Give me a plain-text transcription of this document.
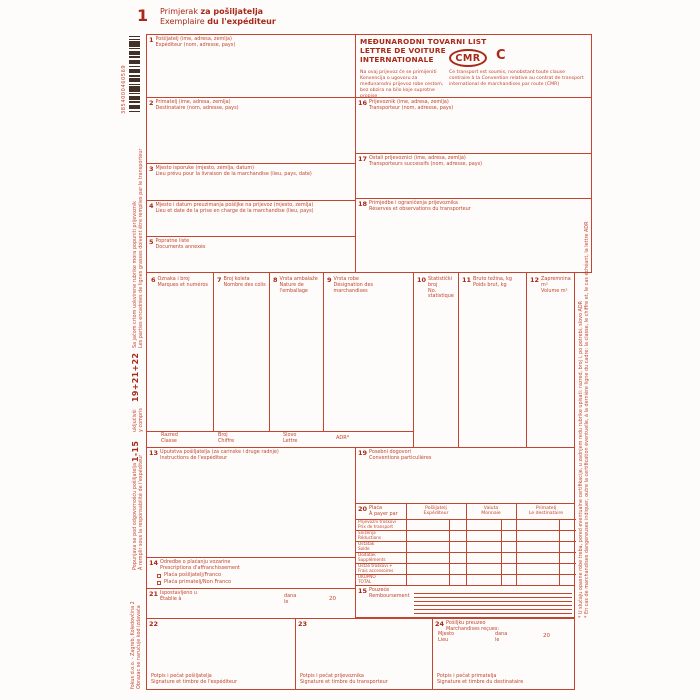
1 Primjerak za pošiljatelja
Exemplaire du l'expéditeur
3854000460569
Sa jačom crtom uokvirene rubrike mora popuniti prijevoznik Les parties encadrées de lignes grasses doivent être remplies par le transporteur
19+21+22
uključivši y compris
1-15
Popunjava se pod odgovornošću pošiljatelja À remplir sous la responsabilité de l'expéditeur
fokus d.o.o. - Zagreb, Koledovčina 2 Obrazac se naručuje kod izdavača
* U slučaju opasne robe treba, pored eventualne certifikacije, u zadnjem redu rubrike upisati: razred, broj i, po potrebi, slovo ADR * En cas de marchandises dangereuses indiquer, outre la certification éventuelle, à la dernière ligne du cadre: la classe, le chiffre et, le cas échéant, la lettre ADR
1 Pošiljatelj (ime, adresa, zemlja)
Expéditeur (nom, adresse, pays)	MEĐUNARODNI TOVARNI LIST
LETTRE DE VOITURE
INTERNATIONALE	CMR	C
Na ovaj prijevoz će se primijeniti Konvencija o ugovoru za međunarodni prijevoz robe cestom, bez obzira na bilo koje suprotne propise
Ce transport est soumis, nonobstant toute clause contraire à la Convention relative au contrat de transport international de marchandises par route (CMR)
2 Primatelj (ime, adresa, zemlja)
Destinataire (nom, adresse, pays)
16 Prijevoznik (ime, adresa, zemlja)
Transporteur (nom, adresse, pays)
3 Mjesto isporuke (mjesto, zemlja, datum)
Lieu prévu pour la livraison de la marchandise (lieu, pays, date)
17 Ostali prijevoznici (ime, adresa, zemlja)
Transporteurs successifs (nom, adresse, pays)
4 Mjesto i datum preuzimanja pošiljke na prijevoz (mjesto, zemlja)
Lieu et date de la prise en charge de la marchandise (lieu, pays)
18 Primjedbe i ograničenja prijevoznika
Réserves et observations du transporteur
5 Popratne liste
Documents annexés
6 Oznaka i broj
Marques et numéros
7 Broj koleta
Nombre des colis
8 Vrsta ambalaže
Nature de l'emballage
9 Vrsta robe
Désignation des marchandises
10 Statistički broj
No. statistique
11 Bruto težina, kg
Poids brut, kg
12 Zapremnina m³
Volume m³
Razred
Classe
Broj
Chiffre
Slovo
Lettre	ADR*
13 Uputstva pošiljatelja (za carinske i druge radnje)
Instructions de l'expéditeur
19 Posebni dogovori
Conventions particulières
20 Plaća
À payer par
Pošiljatelj
Expéditeur
Valuta
Monnaie
Primatelj
Le destinataire
Prijevozni troškovi
Prix de transport
Sniženja
Réductions
Ostatak
Solde
Dodatak
Suppléments
Ostali troškovi +
Frais accessoires
UKUPNO
TOTAL
14 Odredbe o plaćanju vozarine
Prescriptions d'affranchissement
Plaća pošiljatelj/Franco
Plaća primatelj/Non Franco
15 Pouzeće
Remboursement
21 Ispostavljeno u
Établie à	dana
le	20
22
Potpis i pečat pošiljatelja
Signature et timbre de l'expéditeur
23
Potpis i pečat prijevoznika
Signature et timbre du transporteur
24 Pošiljku preuzeo
Marchandises reçues:
Mjesto
Lieu
dana
le
20
Potpis i pečat primatelja
Signature et timbre du destinataire
